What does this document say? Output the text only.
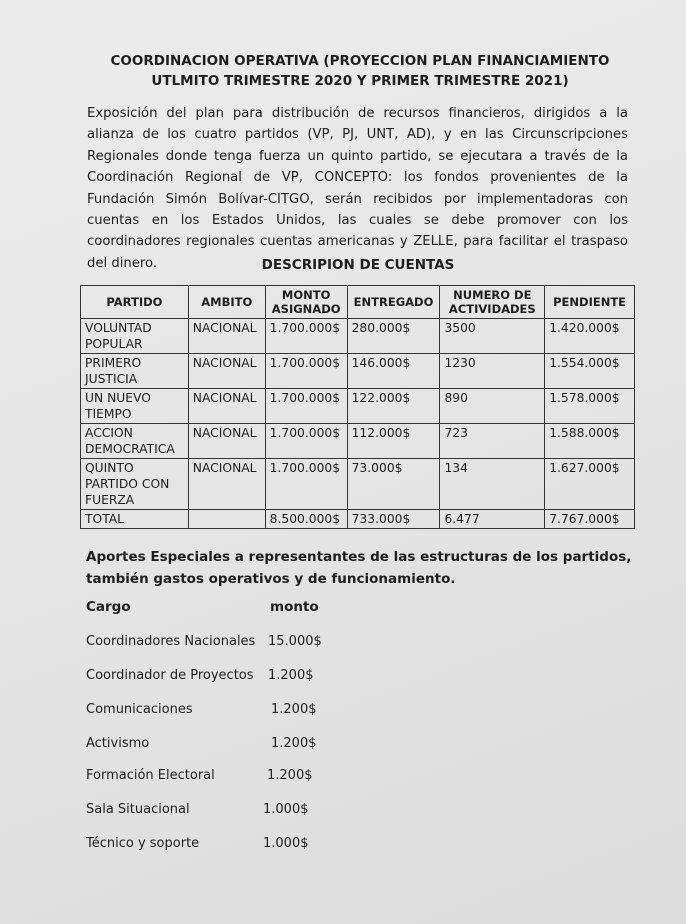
COORDINACION OPERATIVA (PROYECCION PLAN FINANCIAMIENTO
UTLMITO TRIMESTRE 2020 Y PRIMER TRIMESTRE 2021)
Exposición del plan para distribución de recursos financieros, dirigidos a la alianza de los cuatro partidos (VP, PJ, UNT, AD), y en las Circunscripciones Regionales donde tenga fuerza un quinto partido, se ejecutara a través de la Coordinación Regional de VP, CONCEPTO: los fondos provenientes de la Fundación Simón Bolívar-CITGO, serán recibidos por implementadoras con cuentas en los Estados Unidos, las cuales se debe promover con los coordinadores regionales cuentas americanas y ZELLE, para facilitar el traspaso del dinero.	DESCRIPION DE CUENTAS
PARTIDO	AMBITO	MONTO ASIGNADO	ENTREGADO	NUMERO DE ACTIVIDADES	PENDIENTE
VOLUNTAD POPULAR	NACIONAL	1.700.000$	280.000$	3500	1.420.000$
PRIMERO JUSTICIA	NACIONAL	1.700.000$	146.000$	1230	1.554.000$
UN NUEVO TIEMPO	NACIONAL	1.700.000$	122.000$	890	1.578.000$
ACCION DEMOCRATICA	NACIONAL	1.700.000$	112.000$	723	1.588.000$
QUINTO PARTIDO CON FUERZA	NACIONAL	1.700.000$	73.000$	134	1.627.000$
TOTAL		8.500.000$	733.000$	6.477	7.767.000$
Aportes Especiales a representantes de las estructuras de los partidos, también gastos operativos y de funcionamiento.
Cargo	monto
Coordinadores Nacionales 15.000$
Coordinador de Proyectos 1.200$
Comunicaciones	1.200$
Activismo	1.200$
Formación Electoral	1.200$
Sala Situacional	1.000$
Técnico y soporte	1.000$
